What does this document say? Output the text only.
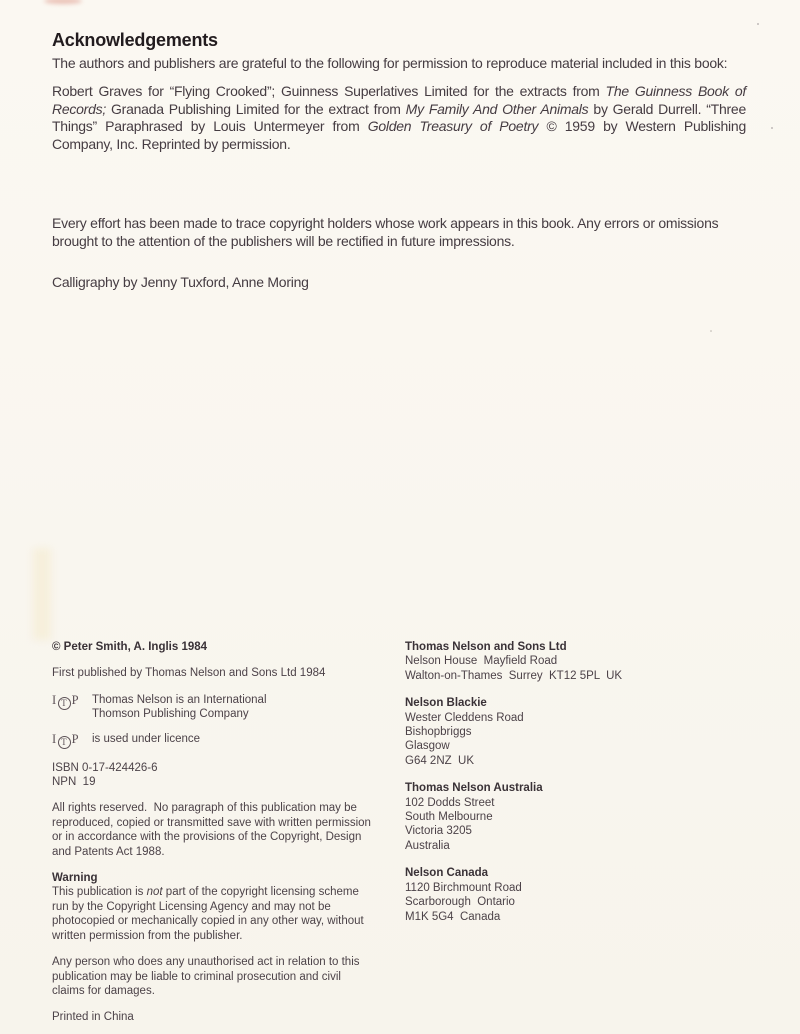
Acknowledgements
The authors and publishers are grateful to the following for permission to reproduce material included in this book:

Robert Graves for “Flying Crooked”; Guinness Superlatives Limited for the extracts from The Guinness Book of Records; Granada Publishing Limited for the extract from My Family And Other Animals by Gerald Durrell. “Three Things” Paraphrased by Louis Untermeyer from Golden Treasury of Poetry © 1959 by Western Publishing Company, Inc. Reprinted by permission.

Every effort has been made to trace copyright holders whose work appears in this book. Any errors or omissions brought to the attention of the publishers will be rectified in future impressions.

Calligraphy by Jenny Tuxford, Anne Moring
© Peter Smith, A. Inglis 1984
First published by Thomas Nelson and Sons Ltd 1984
I T P	Thomas Nelson is an International
Thomson Publishing Company
I T P	is used under licence
ISBN 0-17-424426-6
NPN  19

All rights reserved.  No paragraph of this publication may be reproduced, copied or transmitted save with written permission or in accordance with the provisions of the Copyright, Design and Patents Act 1988.

Warning
This publication is not part of the copyright licensing scheme run by the Copyright Licensing Agency and may not be photocopied or mechanically copied in any other way, without written permission from the publisher.

Any person who does any unauthorised act in relation to this publication may be liable to criminal prosecution and civil claims for damages.

Printed in China
Thomas Nelson and Sons Ltd
Nelson House  Mayfield Road
Walton-on-Thames  Surrey  KT12 5PL  UK
Nelson Blackie
Wester Cleddens Road
Bishopbriggs
Glasgow
G64 2NZ  UK
Thomas Nelson Australia
102 Dodds Street
South Melbourne
Victoria 3205
Australia
Nelson Canada
1120 Birchmount Road
Scarborough  Ontario
M1K 5G4  Canada
